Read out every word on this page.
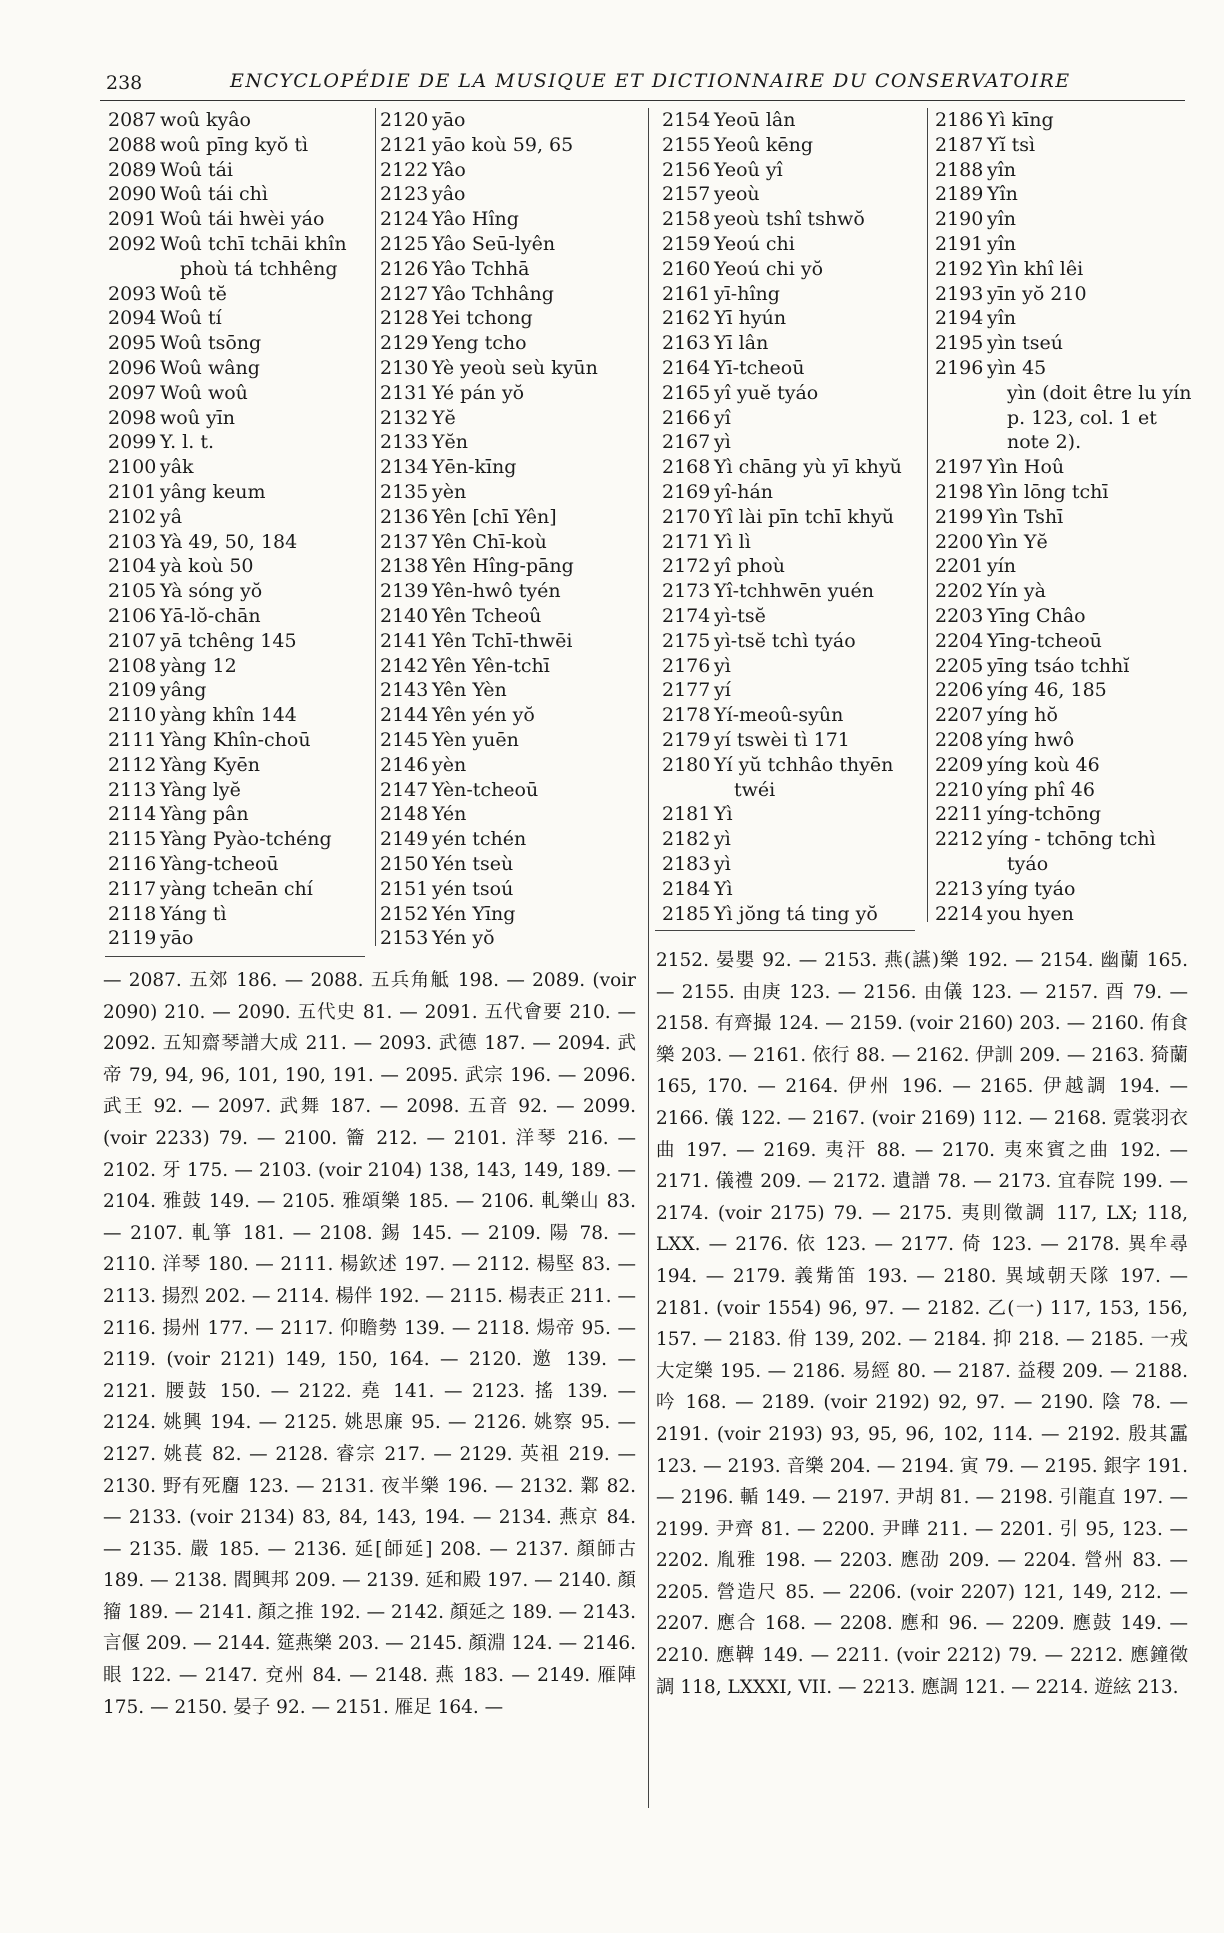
238	ENCYCLOPÉDIE DE LA MUSIQUE ET DICTIONNAIRE DU CONSERVATOIRE
2087 woû kyâo
2088 woû pīng kyŏ tì
2089 Woû tái
2090 Woû tái chì
2091 Woû tái hwèi yáo
2092 Woû tchī tchāi khîn
phoù tá tchhêng
2093 Woû tĕ
2094 Woû tí
2095 Woû tsōng
2096 Woû wâng
2097 Woû woû
2098 woû yīn
2099 Y. l. t.
2100 yâk
2101 yâng keum
2102 yâ
2103 Yà 49, 50, 184
2104 yà koù 50
2105 Yà sóng yŏ
2106 Yā-lŏ-chān
2107 yā tchêng 145
2108 yàng 12
2109 yâng
2110 yàng khîn 144
2111 Yàng Khîn-choū
2112 Yàng Kyēn
2113 Yàng lyĕ
2114 Yàng pân
2115 Yàng Pyào-tchéng
2116 Yàng-tcheoū
2117 yàng tcheān chí
2118 Yáng tì
2119 yāo
2120 yāo
2121 yāo koù 59, 65
2122 Yâo
2123 yâo
2124 Yâo Hîng
2125 Yâo Seū-lyên
2126 Yâo Tchhā
2127 Yâo Tchhâng
2128 Yei tchong
2129 Yeng tcho
2130 Yè yeoù seù kyūn
2131 Yé pán yŏ
2132 Yĕ
2133 Yĕn
2134 Yēn-kīng
2135 yèn
2136 Yên [chī Yên]
2137 Yên Chī-koù
2138 Yên Hîng-pāng
2139 Yên-hwô tyén
2140 Yên Tcheoû
2141 Yên Tchī-thwēi
2142 Yên Yên-tchī
2143 Yên Yèn
2144 Yên yén yŏ
2145 Yèn yuēn
2146 yèn
2147 Yèn-tcheoū
2148 Yén
2149 yén tchén
2150 Yén tseù
2151 yén tsoú
2152 Yén Yīng
2153 Yén yŏ
2154 Yeoū lân
2155 Yeoû kēng
2156 Yeoû yî
2157 yeoù
2158 yeoù tshî tshwŏ
2159 Yeoú chi
2160 Yeoú chi yŏ
2161 yī-hîng
2162 Yī hyún
2163 Yī lân
2164 Yī-tcheoū
2165 yî yuĕ tyáo
2166 yî
2167 yì
2168 Yì chāng yù yī khyŭ
2169 yî-hán
2170 Yî lài pīn tchī khyŭ
2171 Yì lì
2172 yî phoù
2173 Yî-tchhwēn yuén
2174 yì-tsĕ
2175 yì-tsĕ tchì tyáo
2176 yì
2177 yí
2178 Yí-meoû-syûn
2179 yí tswèi tì 171
2180 Yí yŭ tchhâo thyēn
twéi
2181 Yì
2182 yì
2183 yì
2184 Yì
2185 Yì jŏng tá ting yŏ
2186 Yì kīng
2187 Yĭ tsì
2188 yîn
2189 Yîn
2190 yîn
2191 yîn
2192 Yìn khî lêi
2193 yīn yŏ 210
2194 yîn
2195 yìn tseú
2196 yìn 45
yìn (doit être lu yín
p. 123, col. 1 et
note 2).
2197 Yìn Hoû
2198 Yìn lōng tchī
2199 Yìn Tshī
2200 Yìn Yĕ
2201 yín
2202 Yín yà
2203 Yīng Châo
2204 Yīng-tcheoū
2205 yīng tsáo tchhĭ
2206 yíng 46, 185
2207 yíng hŏ
2208 yíng hwô
2209 yíng koù 46
2210 yíng phî 46
2211 yíng-tchōng
2212 yíng - tchōng tchì
tyáo
2213 yíng tyáo
2214 you hyen

— 2087. 五郊 186. — 2088. 五兵角觝 198. — 2089. (voir 2090) 210. — 2090. 五代史 81. — 2091. 五代會要 210. — 2092. 五知齋琴譜大成 211. — 2093. 武德 187. — 2094. 武帝 79, 94, 96, 101, 190, 191. — 2095. 武宗 196. — 2096. 武王 92. — 2097. 武舞 187. — 2098. 五音 92. — 2099. (voir 2233) 79. — 2100. 籥 212. — 2101. 洋琴 216. — 2102. 牙 175. — 2103. (voir 2104) 138, 143, 149, 189. — 2104. 雅鼓 149. — 2105. 雅頌樂 185. — 2106. 軋樂山 83. — 2107. 軋箏 181. — 2108. 錫 145. — 2109. 陽 78. — 2110. 洋琴 180. — 2111. 楊欽述 197. — 2112. 楊堅 83. — 2113. 揚烈 202. — 2114. 楊伴 192. — 2115. 楊表正 211. — 2116. 揚州 177. — 2117. 仰瞻勢 139. — 2118. 煬帝 95. — 2119. (voir 2121) 149, 150, 164. — 2120. 邀 139. — 2121. 腰鼓 150. — 2122. 堯 141. — 2123. 搖 139. — 2124. 姚興 194. — 2125. 姚思廉 95. — 2126. 姚察 95. — 2127. 姚萇 82. — 2128. 睿宗 217. — 2129. 英祖 219. — 2130. 野有死麕 123. — 2131. 夜半樂 196. — 2132. 鄴 82. — 2133. (voir 2134) 83, 84, 143, 194. — 2134. 燕京 84. — 2135. 嚴 185. — 2136. 延[師延] 208. — 2137. 顏師古 189. — 2138. 閻興邦 209. — 2139. 延和殿 197. — 2140. 顏籀 189. — 2141. 顏之推 192. — 2142. 顏延之 189. — 2143. 言偃 209. — 2144. 筵燕樂 203. — 2145. 顏淵 124. — 2146. 眼 122. — 2147. 兗州 84. — 2148. 燕 183. — 2149. 雁陣 175. — 2150. 晏子 92. — 2151. 雁足 164. —

2152. 晏嬰 92. — 2153. 燕(讌)樂 192. — 2154. 幽蘭 165. — 2155. 由庚 123. — 2156. 由儀 123. — 2157. 酉 79. — 2158. 有齊撮 124. — 2159. (voir 2160) 203. — 2160. 侑食樂 203. — 2161. 依行 88. — 2162. 伊訓 209. — 2163. 猗蘭 165, 170. — 2164. 伊州 196. — 2165. 伊越調 194. — 2166. 儀 122. — 2167. (voir 2169) 112. — 2168. 霓裳羽衣曲 197. — 2169. 夷汗 88. — 2170. 夷來賓之曲 192. — 2171. 儀禮 209. — 2172. 遺譜 78. — 2173. 宜春院 199. — 2174. (voir 2175) 79. — 2175. 夷則徵調 117, LX; 118, LXX. — 2176. 依 123. — 2177. 倚 123. — 2178. 異牟尋 194. — 2179. 義觜笛 193. — 2180. 異域朝天隊 197. — 2181. (voir 1554) 96, 97. — 2182. 乙(一) 117, 153, 156, 157. — 2183. 佾 139, 202. — 2184. 抑 218. — 2185. 一戎大定樂 195. — 2186. 易經 80. — 2187. 益稷 209. — 2188. 吟 168. — 2189. (voir 2192) 92, 97. — 2190. 陰 78. — 2191. (voir 2193) 93, 95, 96, 102, 114. — 2192. 殷其靁 123. — 2193. 音樂 204. — 2194. 寅 79. — 2195. 銀字 191. — 2196. 輴 149. — 2197. 尹胡 81. — 2198. 引龍直 197. — 2199. 尹齊 81. — 2200. 尹曄 211. — 2201. 引 95, 123. — 2202. 胤雅 198. — 2203. 應劭 209. — 2204. 營州 83. — 2205. 營造尺 85. — 2206. (voir 2207) 121, 149, 212. — 2207. 應合 168. — 2208. 應和 96. — 2209. 應鼓 149. — 2210. 應鞞 149. — 2211. (voir 2212) 79. — 2212. 應鐘徵調 118, LXXXI, VII. — 2213. 應調 121. — 2214. 遊絃 213.
